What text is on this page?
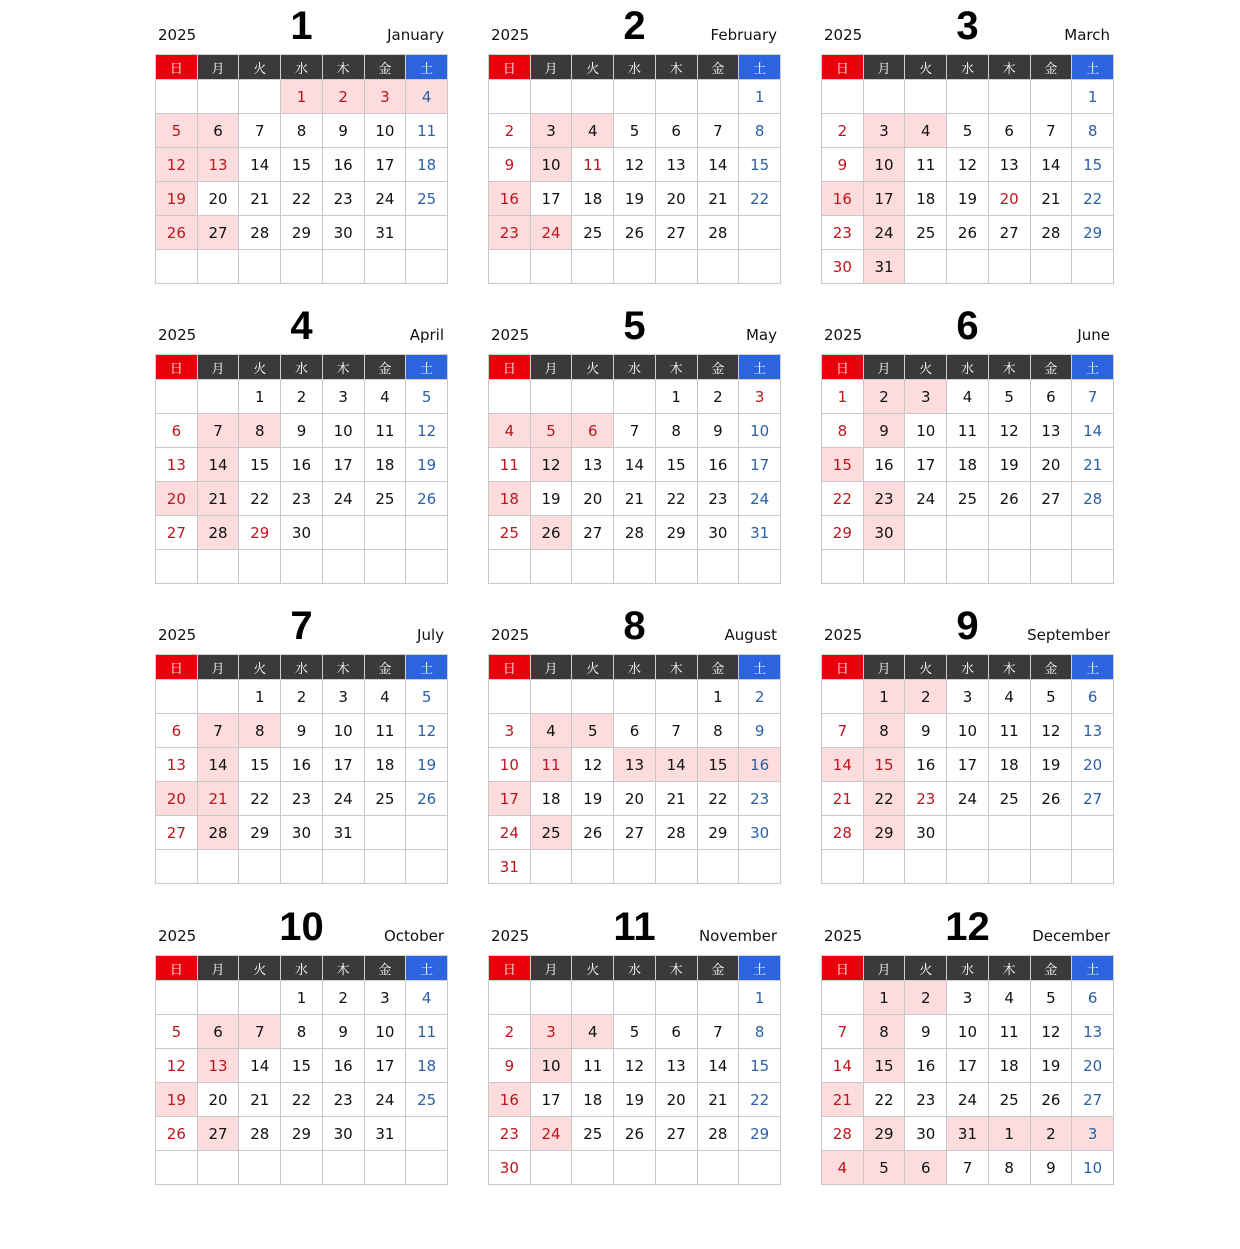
2025	1	January
日	月	火	水	木	金	土
			1	2	3	4
5	6	7	8	9	10	11
12	13	14	15	16	17	18
19	20	21	22	23	24	25
26	27	28	29	30	31	

2025	2	February
日	月	火	水	木	金	土
						1
2	3	4	5	6	7	8
9	10	11	12	13	14	15
16	17	18	19	20	21	22
23	24	25	26	27	28	

2025	3	March
日	月	火	水	木	金	土
						1
2	3	4	5	6	7	8
9	10	11	12	13	14	15
16	17	18	19	20	21	22
23	24	25	26	27	28	29
30	31					
2025	4	April
日	月	火	水	木	金	土
		1	2	3	4	5
6	7	8	9	10	11	12
13	14	15	16	17	18	19
20	21	22	23	24	25	26
27	28	29	30			

2025	5	May
日	月	火	水	木	金	土
				1	2	3
4	5	6	7	8	9	10
11	12	13	14	15	16	17
18	19	20	21	22	23	24
25	26	27	28	29	30	31

2025	6	June
日	月	火	水	木	金	土
1	2	3	4	5	6	7
8	9	10	11	12	13	14
15	16	17	18	19	20	21
22	23	24	25	26	27	28
29	30					

2025	7	July
日	月	火	水	木	金	土
		1	2	3	4	5
6	7	8	9	10	11	12
13	14	15	16	17	18	19
20	21	22	23	24	25	26
27	28	29	30	31		

2025	8	August
日	月	火	水	木	金	土
					1	2
3	4	5	6	7	8	9
10	11	12	13	14	15	16
17	18	19	20	21	22	23
24	25	26	27	28	29	30
31						
2025	9	September
日	月	火	水	木	金	土
	1	2	3	4	5	6
7	8	9	10	11	12	13
14	15	16	17	18	19	20
21	22	23	24	25	26	27
28	29	30				

2025	10	October
日	月	火	水	木	金	土
			1	2	3	4
5	6	7	8	9	10	11
12	13	14	15	16	17	18
19	20	21	22	23	24	25
26	27	28	29	30	31	

2025	11	November
日	月	火	水	木	金	土
						1
2	3	4	5	6	7	8
9	10	11	12	13	14	15
16	17	18	19	20	21	22
23	24	25	26	27	28	29
30						
2025	12	December
日	月	火	水	木	金	土
	1	2	3	4	5	6
7	8	9	10	11	12	13
14	15	16	17	18	19	20
21	22	23	24	25	26	27
28	29	30	31	1	2	3
4	5	6	7	8	9	10
